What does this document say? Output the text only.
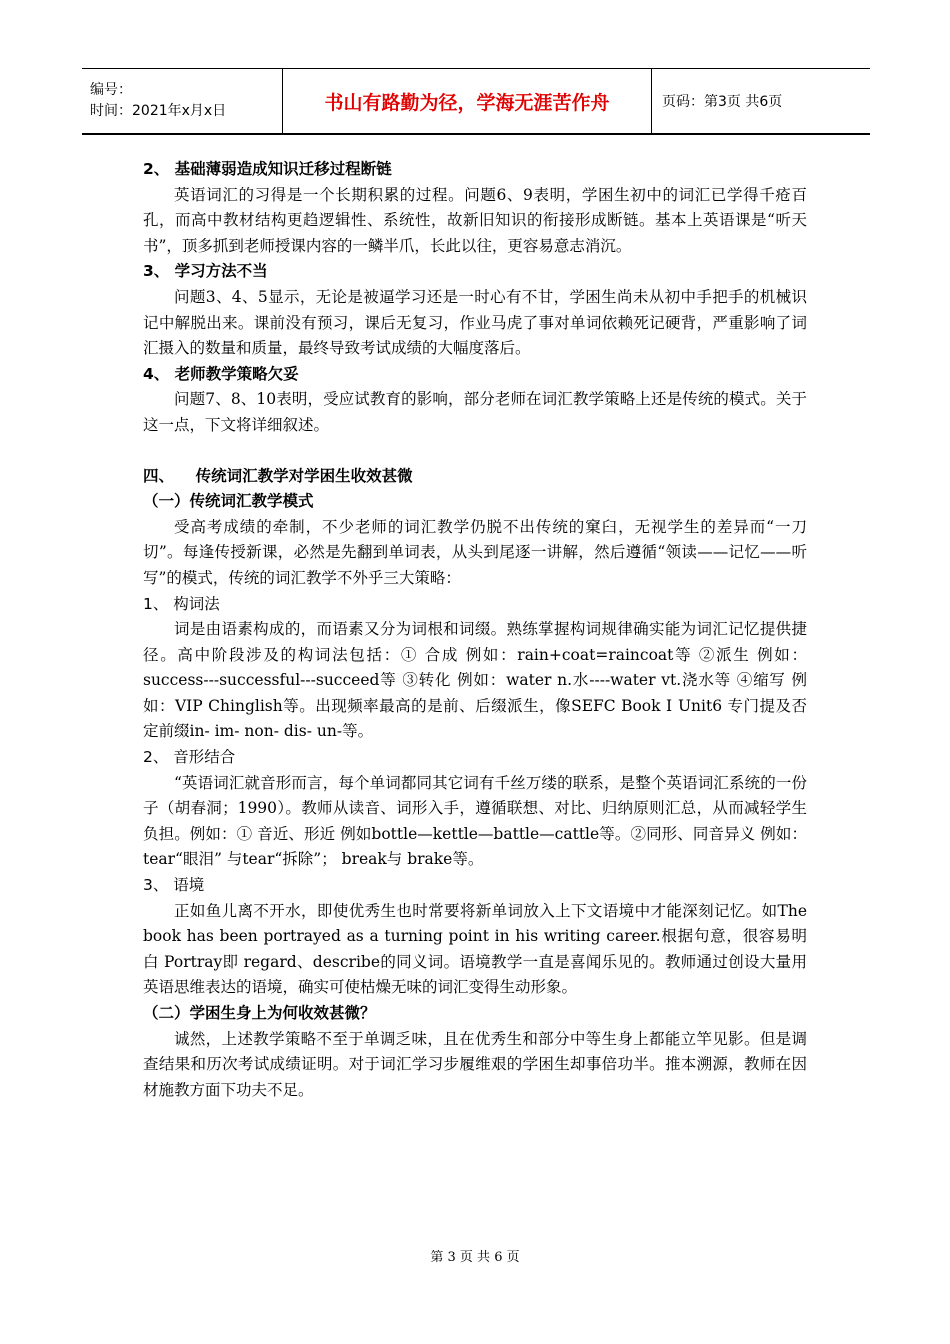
编号：
时间：2021年x月x日	书山有路勤为径，学海无涯苦作舟	页码：第3页 共6页

2、 基础薄弱造成知识迁移过程断链

英语词汇的习得是一个长期积累的过程。问题6、9表明，学困生初中的词汇已学得千疮百孔，而高中教材结构更趋逻辑性、系统性，故新旧知识的衔接形成断链。基本上英语课是“听天书”，顶多抓到老师授课内容的一鳞半爪，长此以往，更容易意志消沉。

3、 学习方法不当

问题3、4、5显示，无论是被逼学习还是一时心有不甘，学困生尚未从初中手把手的机械识记中解脱出来。课前没有预习，课后无复习，作业马虎了事对单词依赖死记硬背，严重影响了词汇摄入的数量和质量，最终导致考试成绩的大幅度落后。

4、 老师教学策略欠妥

问题7、8、10表明，受应试教育的影响，部分老师在词汇教学策略上还是传统的模式。关于这一点，下文将详细叙述。

四、    传统词汇教学对学困生收效甚微

（一）传统词汇教学模式

受高考成绩的牵制，不少老师的词汇教学仍脱不出传统的窠臼，无视学生的差异而“一刀切”。每逢传授新课，必然是先翻到单词表，从头到尾逐一讲解，然后遵循“领读——记忆——听写”的模式，传统的词汇教学不外乎三大策略：

1、 构词法

词是由语素构成的，而语素又分为词根和词缀。熟练掌握构词规律确实能为词汇记忆提供捷径。高中阶段涉及的构词法包括：① 合成 例如：rain+coat=raincoat等 ②派生 例如：success---successful---succeed等 ③转化 例如：water n.水----water vt.浇水等 ④缩写 例如：VIP Chinglish等。出现频率最高的是前、后缀派生，像SEFC Book Ⅰ Unit6 专门提及否定前缀in- im- non- dis- un-等。

2、 音形结合

“英语词汇就音形而言，每个单词都同其它词有千丝万缕的联系，是整个英语词汇系统的一份子（胡春洞；1990）。教师从读音、词形入手，遵循联想、对比、归纳原则汇总，从而减轻学生负担。例如：① 音近、形近 例如bottle—kettle—battle—cattle等。②同形、同音异义 例如：tear“眼泪” 与tear“拆除”； break与 brake等。

3、 语境

正如鱼儿离不开水，即使优秀生也时常要将新单词放入上下文语境中才能深刻记忆。如The book has been portrayed as a turning point in his writing career.根据句意，很容易明白 Portray即 regard、describe的同义词。语境教学一直是喜闻乐见的。教师通过创设大量用英语思维表达的语境，确实可使枯燥无味的词汇变得生动形象。

（二）学困生身上为何收效甚微？

诚然，上述教学策略不至于单调乏味，且在优秀生和部分中等生身上都能立竿见影。但是调查结果和历次考试成绩证明。对于词汇学习步履维艰的学困生却事倍功半。推本溯源，教师在因材施教方面下功夫不足。

第 3 页 共 6 页
